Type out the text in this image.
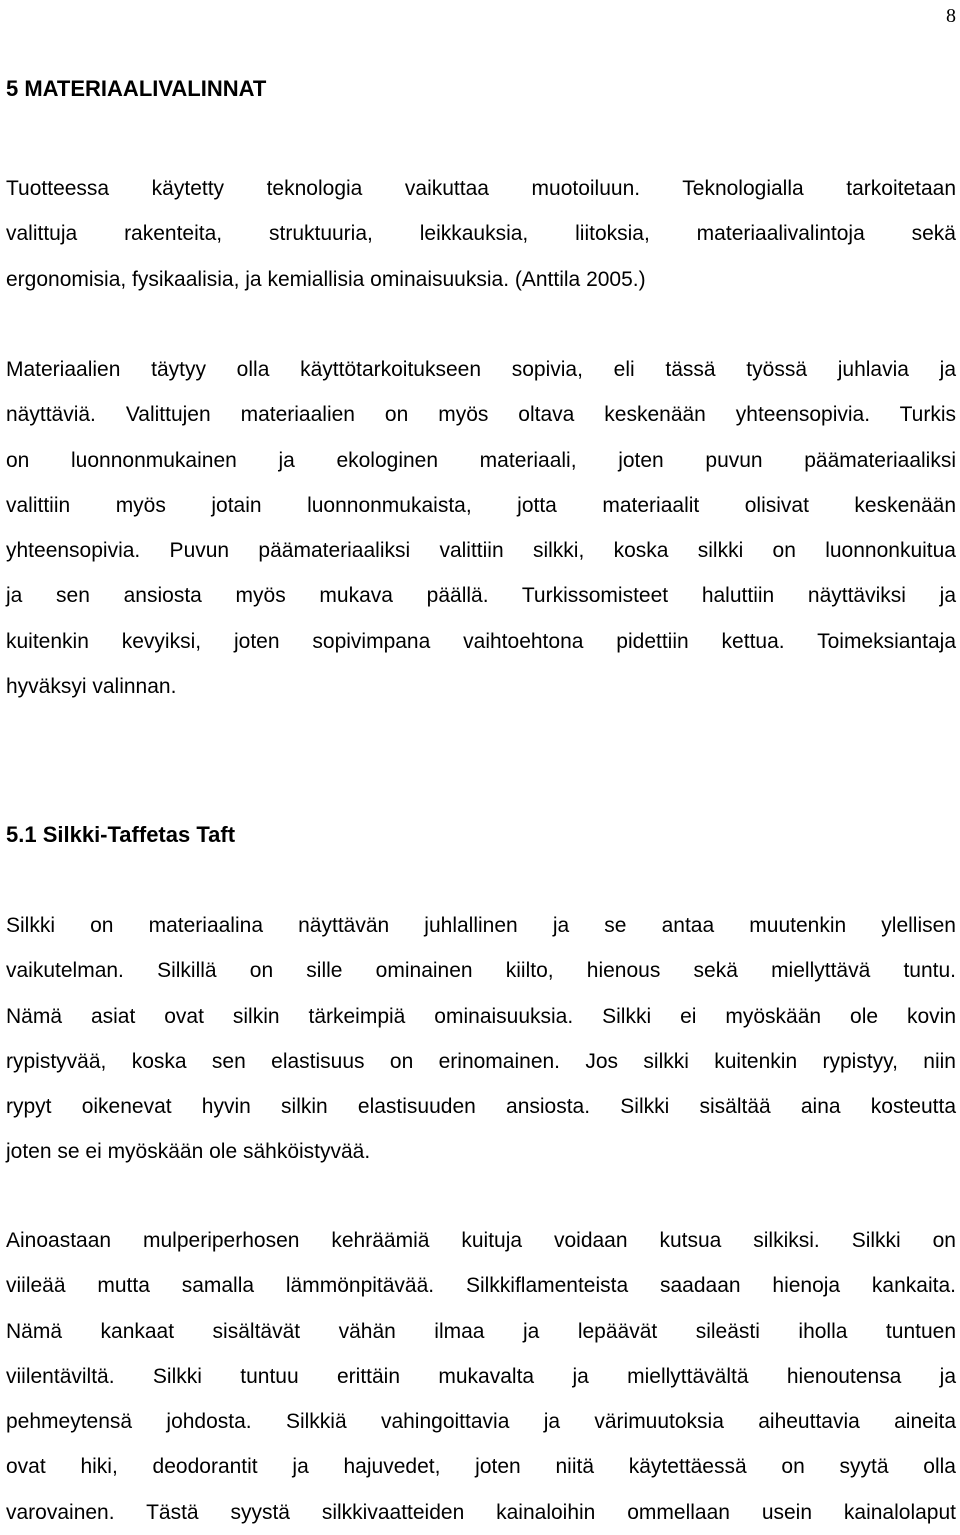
8
5 MATERIAALIVALINNAT
Tuotteessa käytetty teknologia vaikuttaa muotoiluun. Teknologialla tarkoitetaan
valittuja rakenteita, struktuuria, leikkauksia, liitoksia, materiaalivalintoja sekä
ergonomisia, fysikaalisia, ja kemiallisia ominaisuuksia. (Anttila 2005.)
Materiaalien täytyy olla käyttötarkoitukseen sopivia, eli tässä työssä juhlavia ja
näyttäviä. Valittujen materiaalien on myös oltava keskenään yhteensopivia. Turkis
on luonnonmukainen ja ekologinen materiaali, joten puvun päämateriaaliksi
valittiin myös jotain luonnonmukaista, jotta materiaalit olisivat keskenään
yhteensopivia. Puvun päämateriaaliksi valittiin silkki, koska silkki on luonnonkuitua
ja sen ansiosta myös mukava päällä. Turkissomisteet haluttiin näyttäviksi ja
kuitenkin kevyiksi, joten sopivimpana vaihtoehtona pidettiin kettua. Toimeksiantaja
hyväksyi valinnan.
5.1 Silkki-Taffetas Taft
Silkki on materiaalina näyttävän juhlallinen ja se antaa muutenkin ylellisen
vaikutelman. Silkillä on sille ominainen kiilto, hienous sekä miellyttävä tuntu.
Nämä asiat ovat silkin tärkeimpiä ominaisuuksia. Silkki ei myöskään ole kovin
rypistyvää, koska sen elastisuus on erinomainen. Jos silkki kuitenkin rypistyy, niin
rypyt oikenevat hyvin silkin elastisuuden ansiosta. Silkki sisältää aina kosteutta
joten se ei myöskään ole sähköistyvää.
Ainoastaan mulperiperhosen kehräämiä kuituja voidaan kutsua silkiksi. Silkki on
viileää mutta samalla lämmönpitävää. Silkkiflamenteista saadaan hienoja kankaita.
Nämä kankaat sisältävät vähän ilmaa ja lepäävät sileästi iholla tuntuen
viilentäviltä. Silkki tuntuu erittäin mukavalta ja miellyttävältä hienoutensa ja
pehmeytensä johdosta. Silkkiä vahingoittavia ja värimuutoksia aiheuttavia aineita
ovat hiki, deodorantit ja hajuvedet, joten niitä käytettäessä on syytä olla
varovainen. Tästä syystä silkkivaatteiden kainaloihin ommellaan usein kainalolaput
